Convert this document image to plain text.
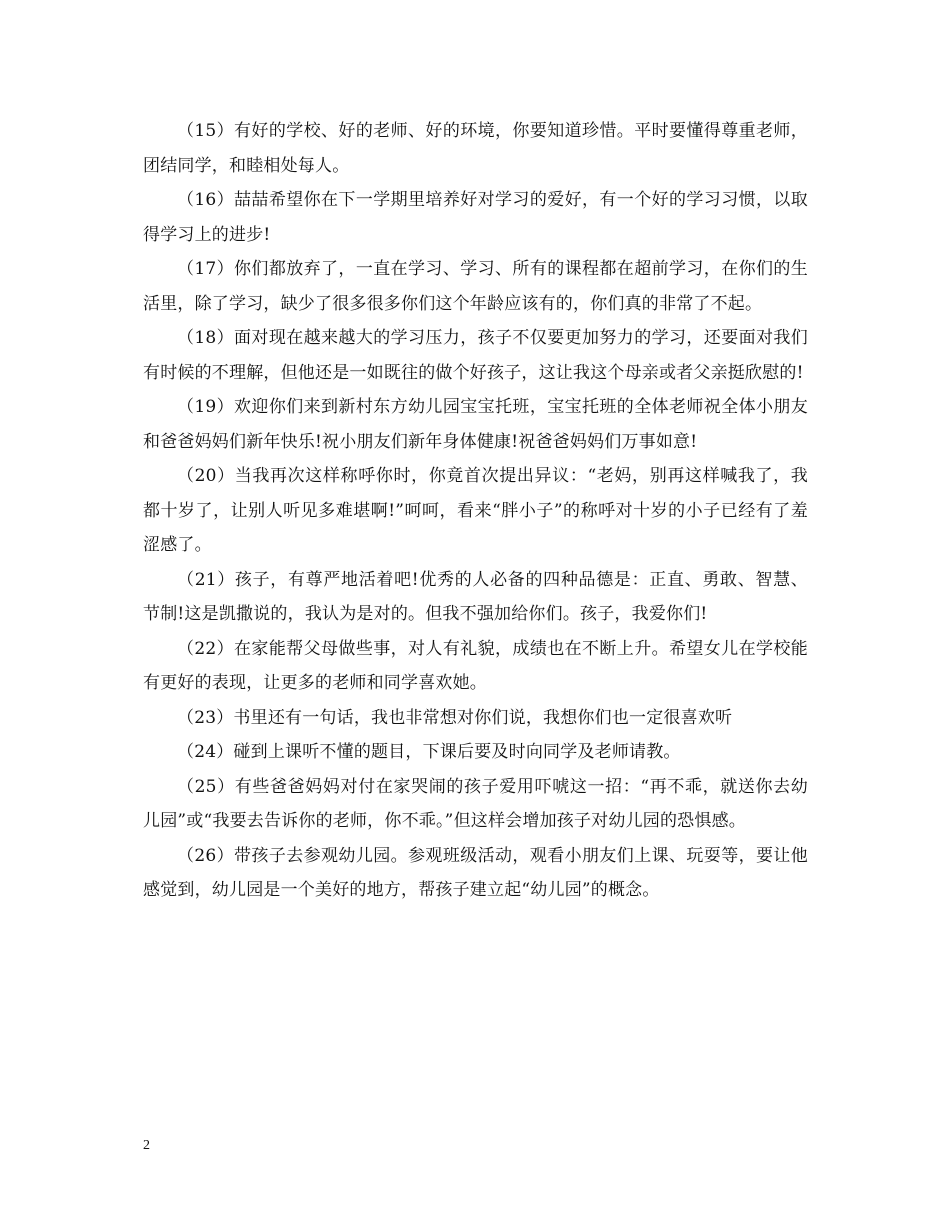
（15）有好的学校、好的老师、好的环境，你要知道珍惜。平时要懂得尊重老师，团结同学，和睦相处每人。

（16）喆喆希望你在下一学期里培养好对学习的爱好，有一个好的学习习惯，以取得学习上的进步!

（17）你们都放弃了，一直在学习、学习、所有的课程都在超前学习，在你们的生活里，除了学习，缺少了很多很多你们这个年龄应该有的，你们真的非常了不起。

（18）面对现在越来越大的学习压力，孩子不仅要更加努力的学习，还要面对我们有时候的不理解，但他还是一如既往的做个好孩子，这让我这个母亲或者父亲挺欣慰的!

（19）欢迎你们来到新村东方幼儿园宝宝托班，宝宝托班的全体老师祝全体小朋友和爸爸妈妈们新年快乐!祝小朋友们新年身体健康!祝爸爸妈妈们万事如意!

（20）当我再次这样称呼你时，你竟首次提出异议：“老妈，别再这样喊我了，我都十岁了，让别人听见多难堪啊!”呵呵，看来“胖小子”的称呼对十岁的小子已经有了羞涩感了。

（21）孩子，有尊严地活着吧!优秀的人必备的四种品德是：正直、勇敢、智慧、节制!这是凯撒说的，我认为是对的。但我不强加给你们。孩子，我爱你们!

（22）在家能帮父母做些事，对人有礼貌，成绩也在不断上升。希望女儿在学校能有更好的表现，让更多的老师和同学喜欢她。

（23）书里还有一句话，我也非常想对你们说，我想你们也一定很喜欢听

（24）碰到上课听不懂的题目，下课后要及时向同学及老师请教。

（25）有些爸爸妈妈对付在家哭闹的孩子爱用吓唬这一招：“再不乖，就送你去幼儿园”或“我要去告诉你的老师，你不乖。”但这样会增加孩子对幼儿园的恐惧感。

（26）带孩子去参观幼儿园。参观班级活动，观看小朋友们上课、玩耍等，要让他感觉到，幼儿园是一个美好的地方，帮孩子建立起“幼儿园”的概念。

2
